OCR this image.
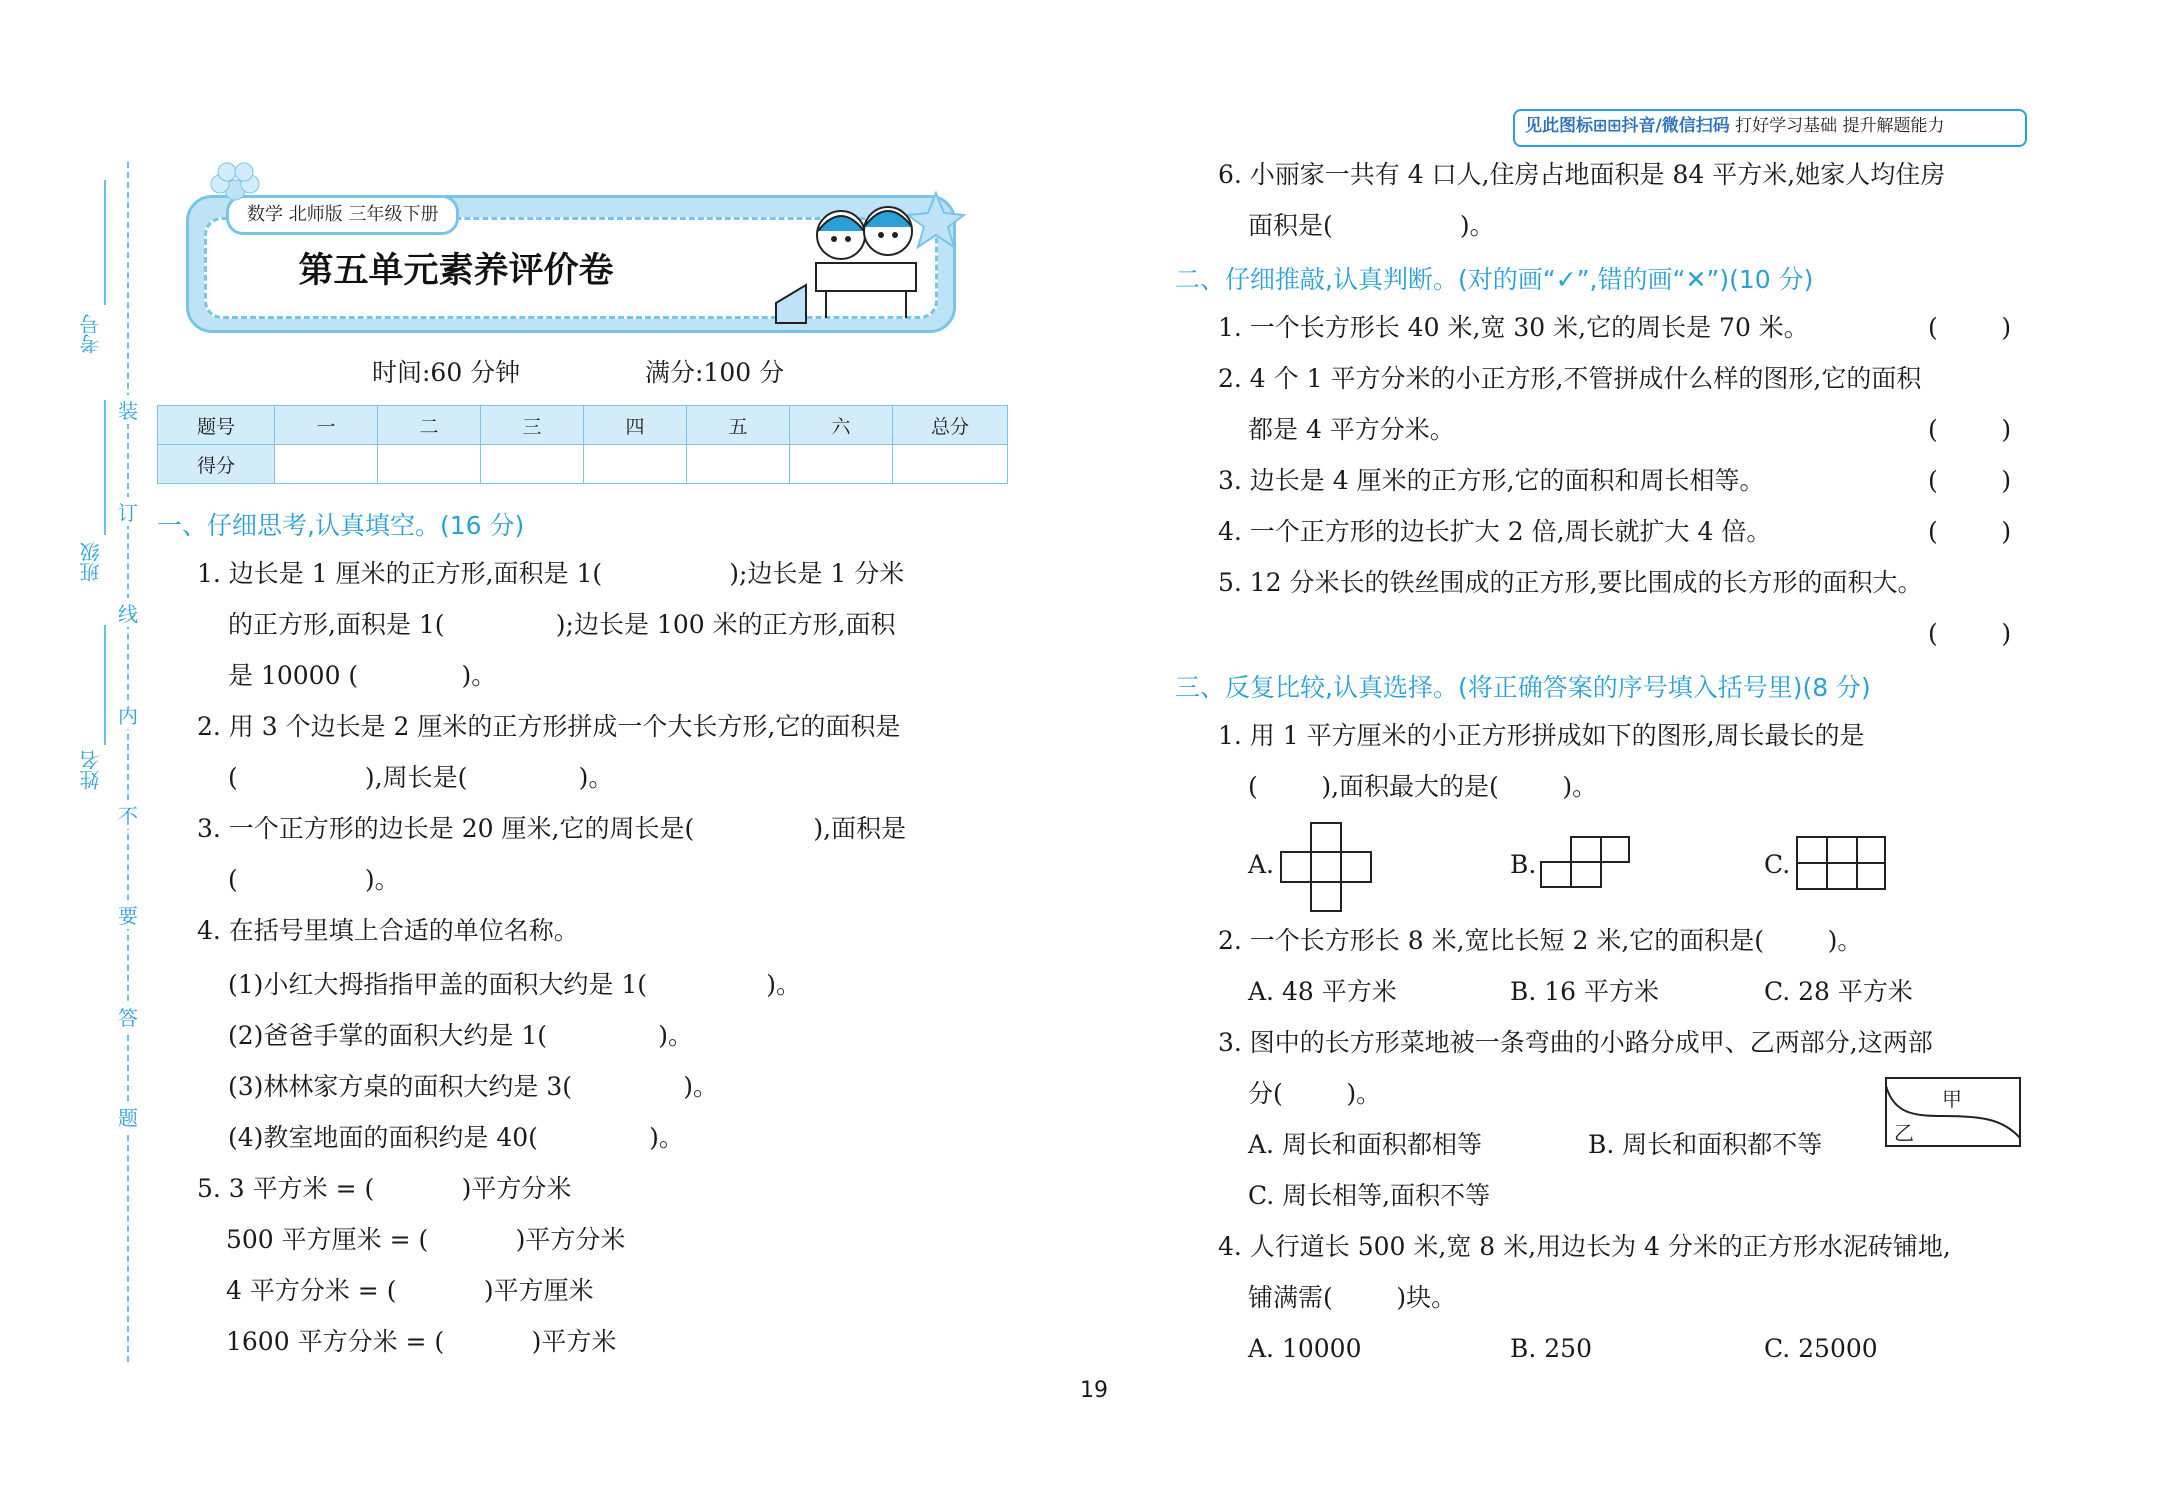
装
订
线
内
不
要
答
题
考号
班级
姓名
数学 北师版 三年级下册
第五单元素养评价卷
时间:60 分钟	满分:100 分
题号	一	二	三	四	五	六	总分
得分							
一、仔细思考,认真填空。(16 分)
1. 边长是 1 厘米的正方形,面积是 1(                );边长是 1 分米
的正方形,面积是 1(              );边长是 100 米的正方形,面积
是 10000 (             )。
2. 用 3 个边长是 2 厘米的正方形拼成一个大长方形,它的面积是
(                ),周长是(              )。
3. 一个正方形的边长是 20 厘米,它的周长是(               ),面积是
(                )。
4. 在括号里填上合适的单位名称。
(1)小红大拇指指甲盖的面积大约是 1(               )。
(2)爸爸手掌的面积大约是 1(              )。
(3)林林家方桌的面积大约是 3(              )。
(4)教室地面的面积约是 40(              )。
5. 3 平方米 = (           )平方分米
500 平方厘米 = (           )平方分米
4 平方分米 = (           )平方厘米
1600 平方分米 = (           )平方米
见此图标⊞⊞抖音/微信扫码 打好学习基础 提升解题能力
6. 小丽家一共有 4 口人,住房占地面积是 84 平方米,她家人均住房
面积是(                )。
二、仔细推敲,认真判断。(对的画“✓”,错的画“✕”)(10 分)
1. 一个长方形长 40 米,宽 30 米,它的周长是 70 米。	(        )
2. 4 个 1 平方分米的小正方形,不管拼成什么样的图形,它的面积
都是 4 平方分米。	(        )
3. 边长是 4 厘米的正方形,它的面积和周长相等。	(        )
4. 一个正方形的边长扩大 2 倍,周长就扩大 4 倍。	(        )
5. 12 分米长的铁丝围成的正方形,要比围成的长方形的面积大。
(        )
三、反复比较,认真选择。(将正确答案的序号填入括号里)(8 分)
1. 用 1 平方厘米的小正方形拼成如下的图形,周长最长的是
(        ),面积最大的是(        )。
A.	B.	C.
2. 一个长方形长 8 米,宽比长短 2 米,它的面积是(        )。
A. 48 平方米	B. 16 平方米	C. 28 平方米
3. 图中的长方形菜地被一条弯曲的小路分成甲、乙两部分,这两部
分(        )。	甲
乙
A. 周长和面积都相等	B. 周长和面积都不等
C. 周长相等,面积不等
4. 人行道长 500 米,宽 8 米,用边长为 4 分米的正方形水泥砖铺地,
铺满需(        )块。
A. 10000	B. 250	C. 25000
19
